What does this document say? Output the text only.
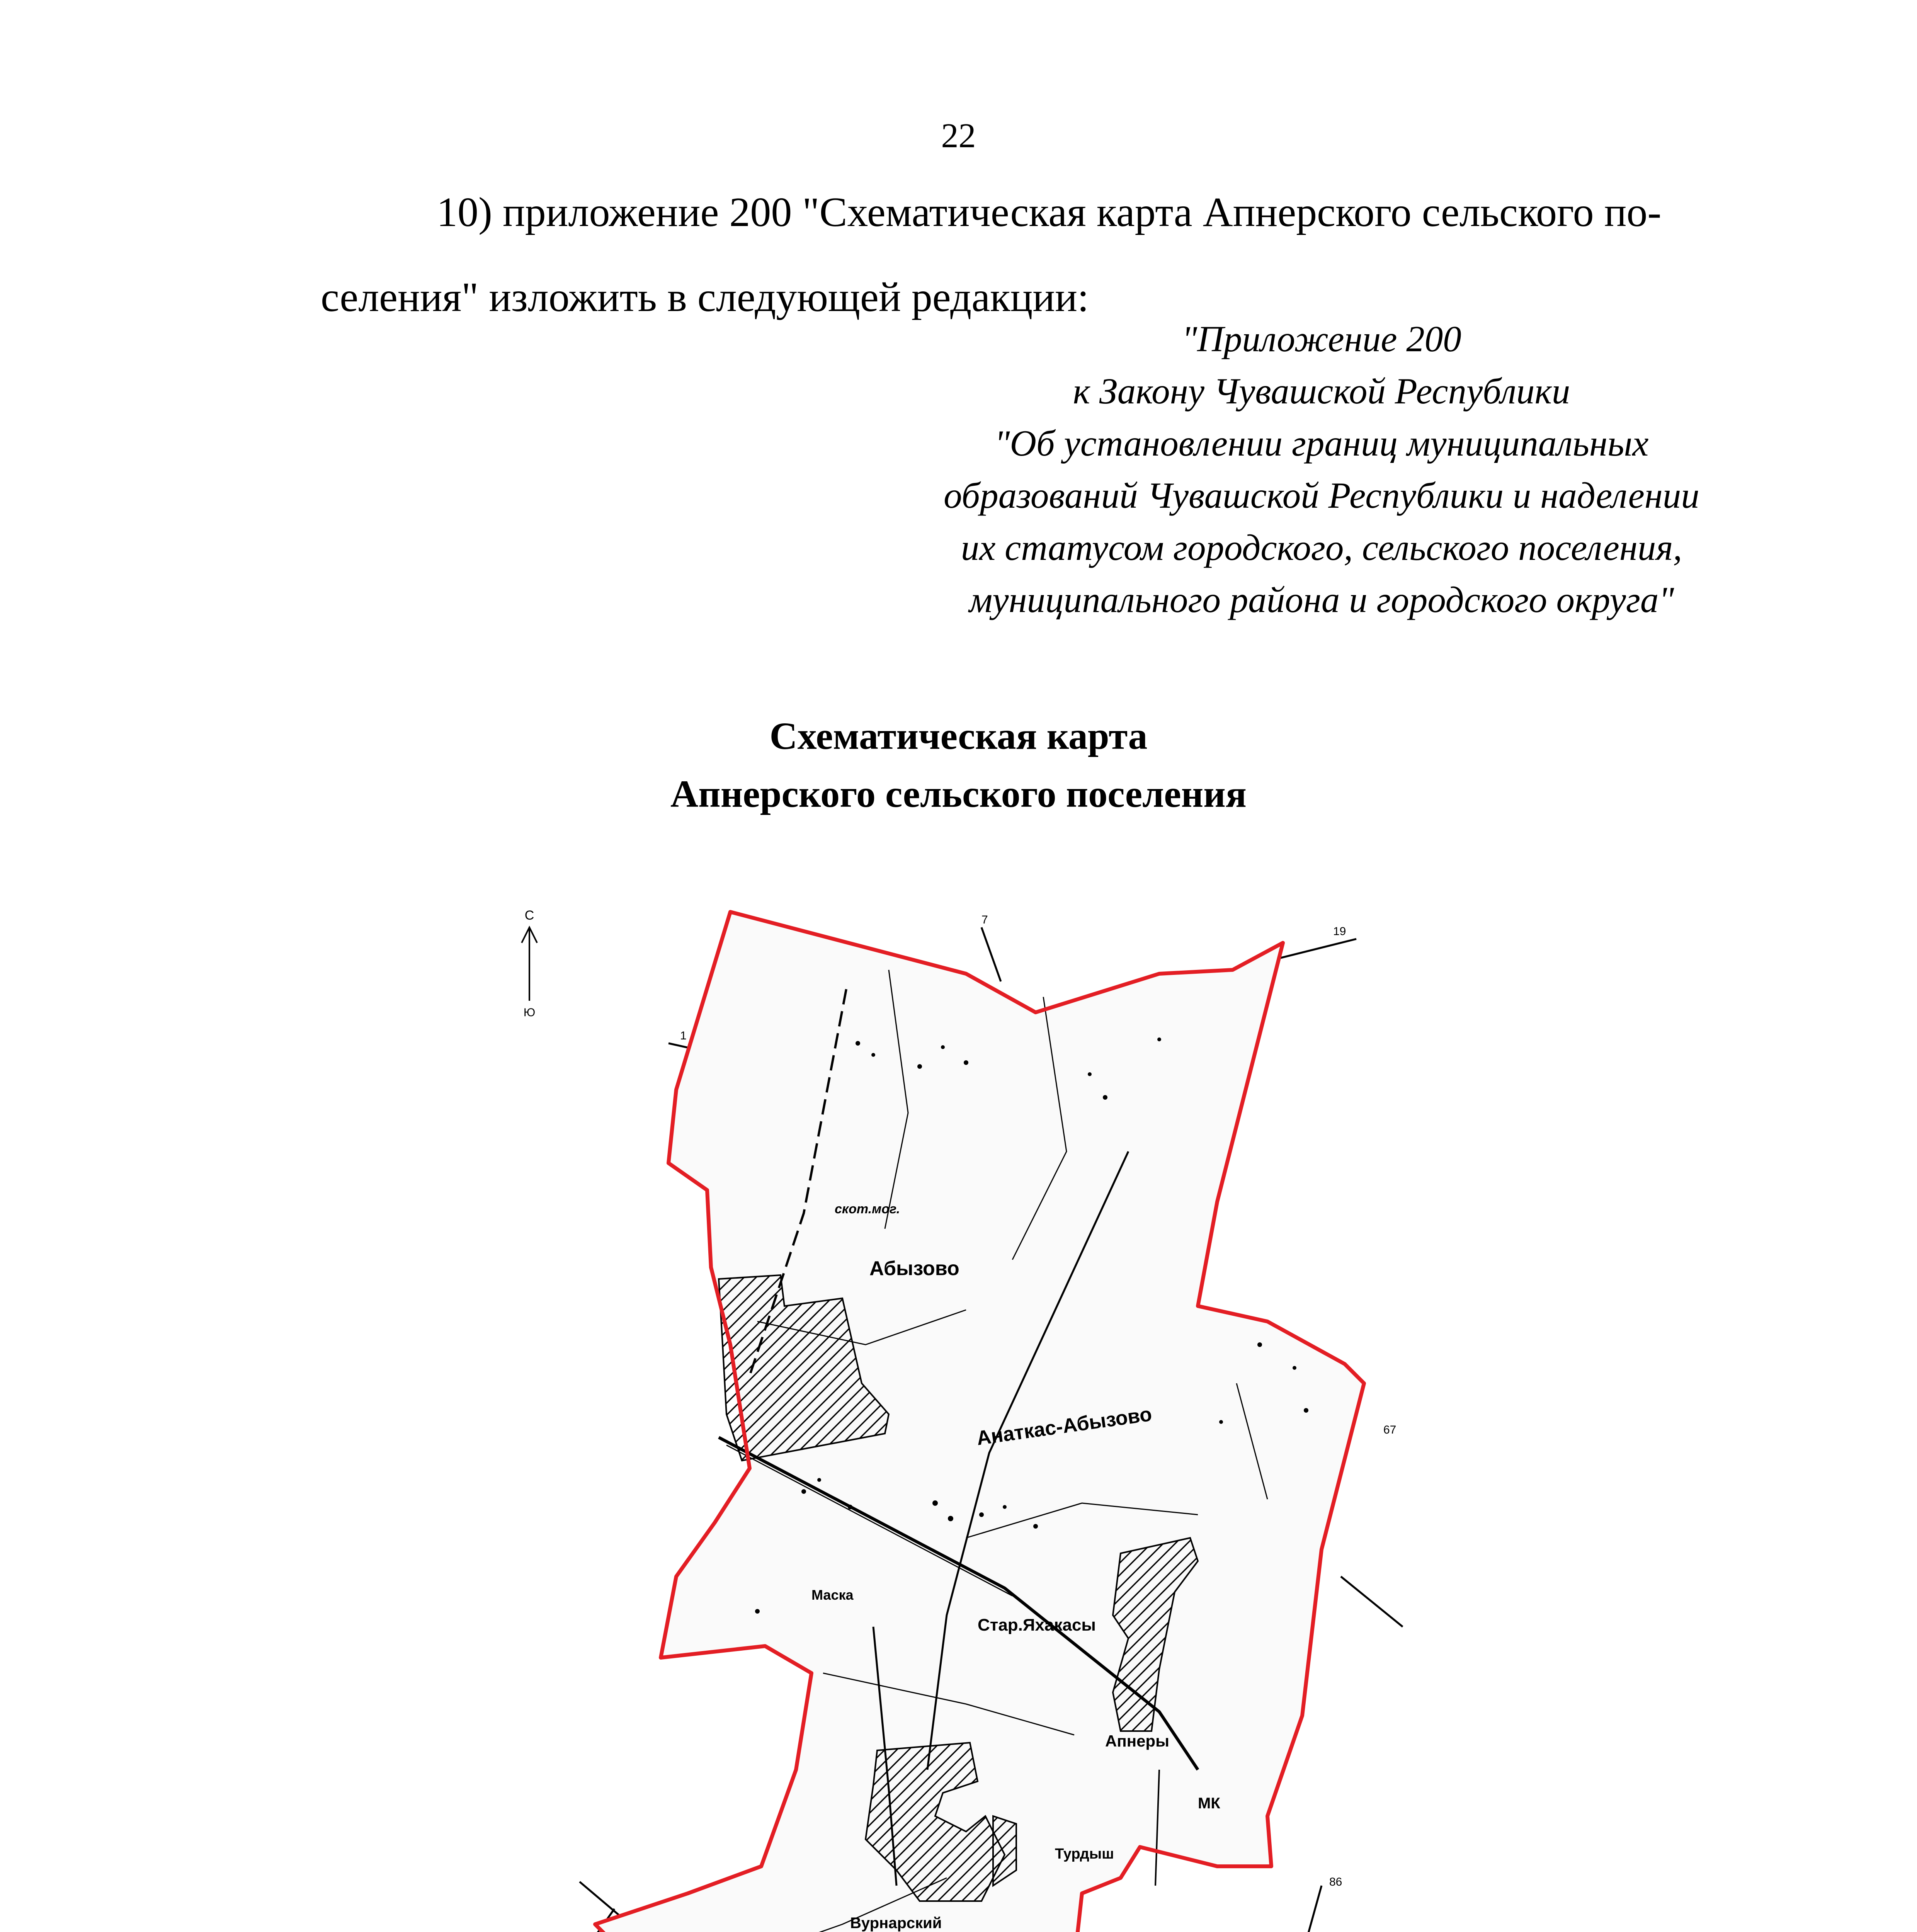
22
10) приложение 200 "Схематическая карта Апнерского сельского по-
селения" изложить в следующей редакции:
"Приложение 200
к Закону Чувашской Республики
"Об установлении границ муниципальных
образований Чувашской Республики и наделении
их статусом городского, сельского поселения,
муниципального района и городского округа"
Схематическая карта
Апнерского сельского поселения
С
Ю
Абызово
Анаткас-Абызово
Стар.Яхакасы
Апнеры
Вурнарский
скот.мог.
Маска
МК
Турдыш
1
7
19
67
86
